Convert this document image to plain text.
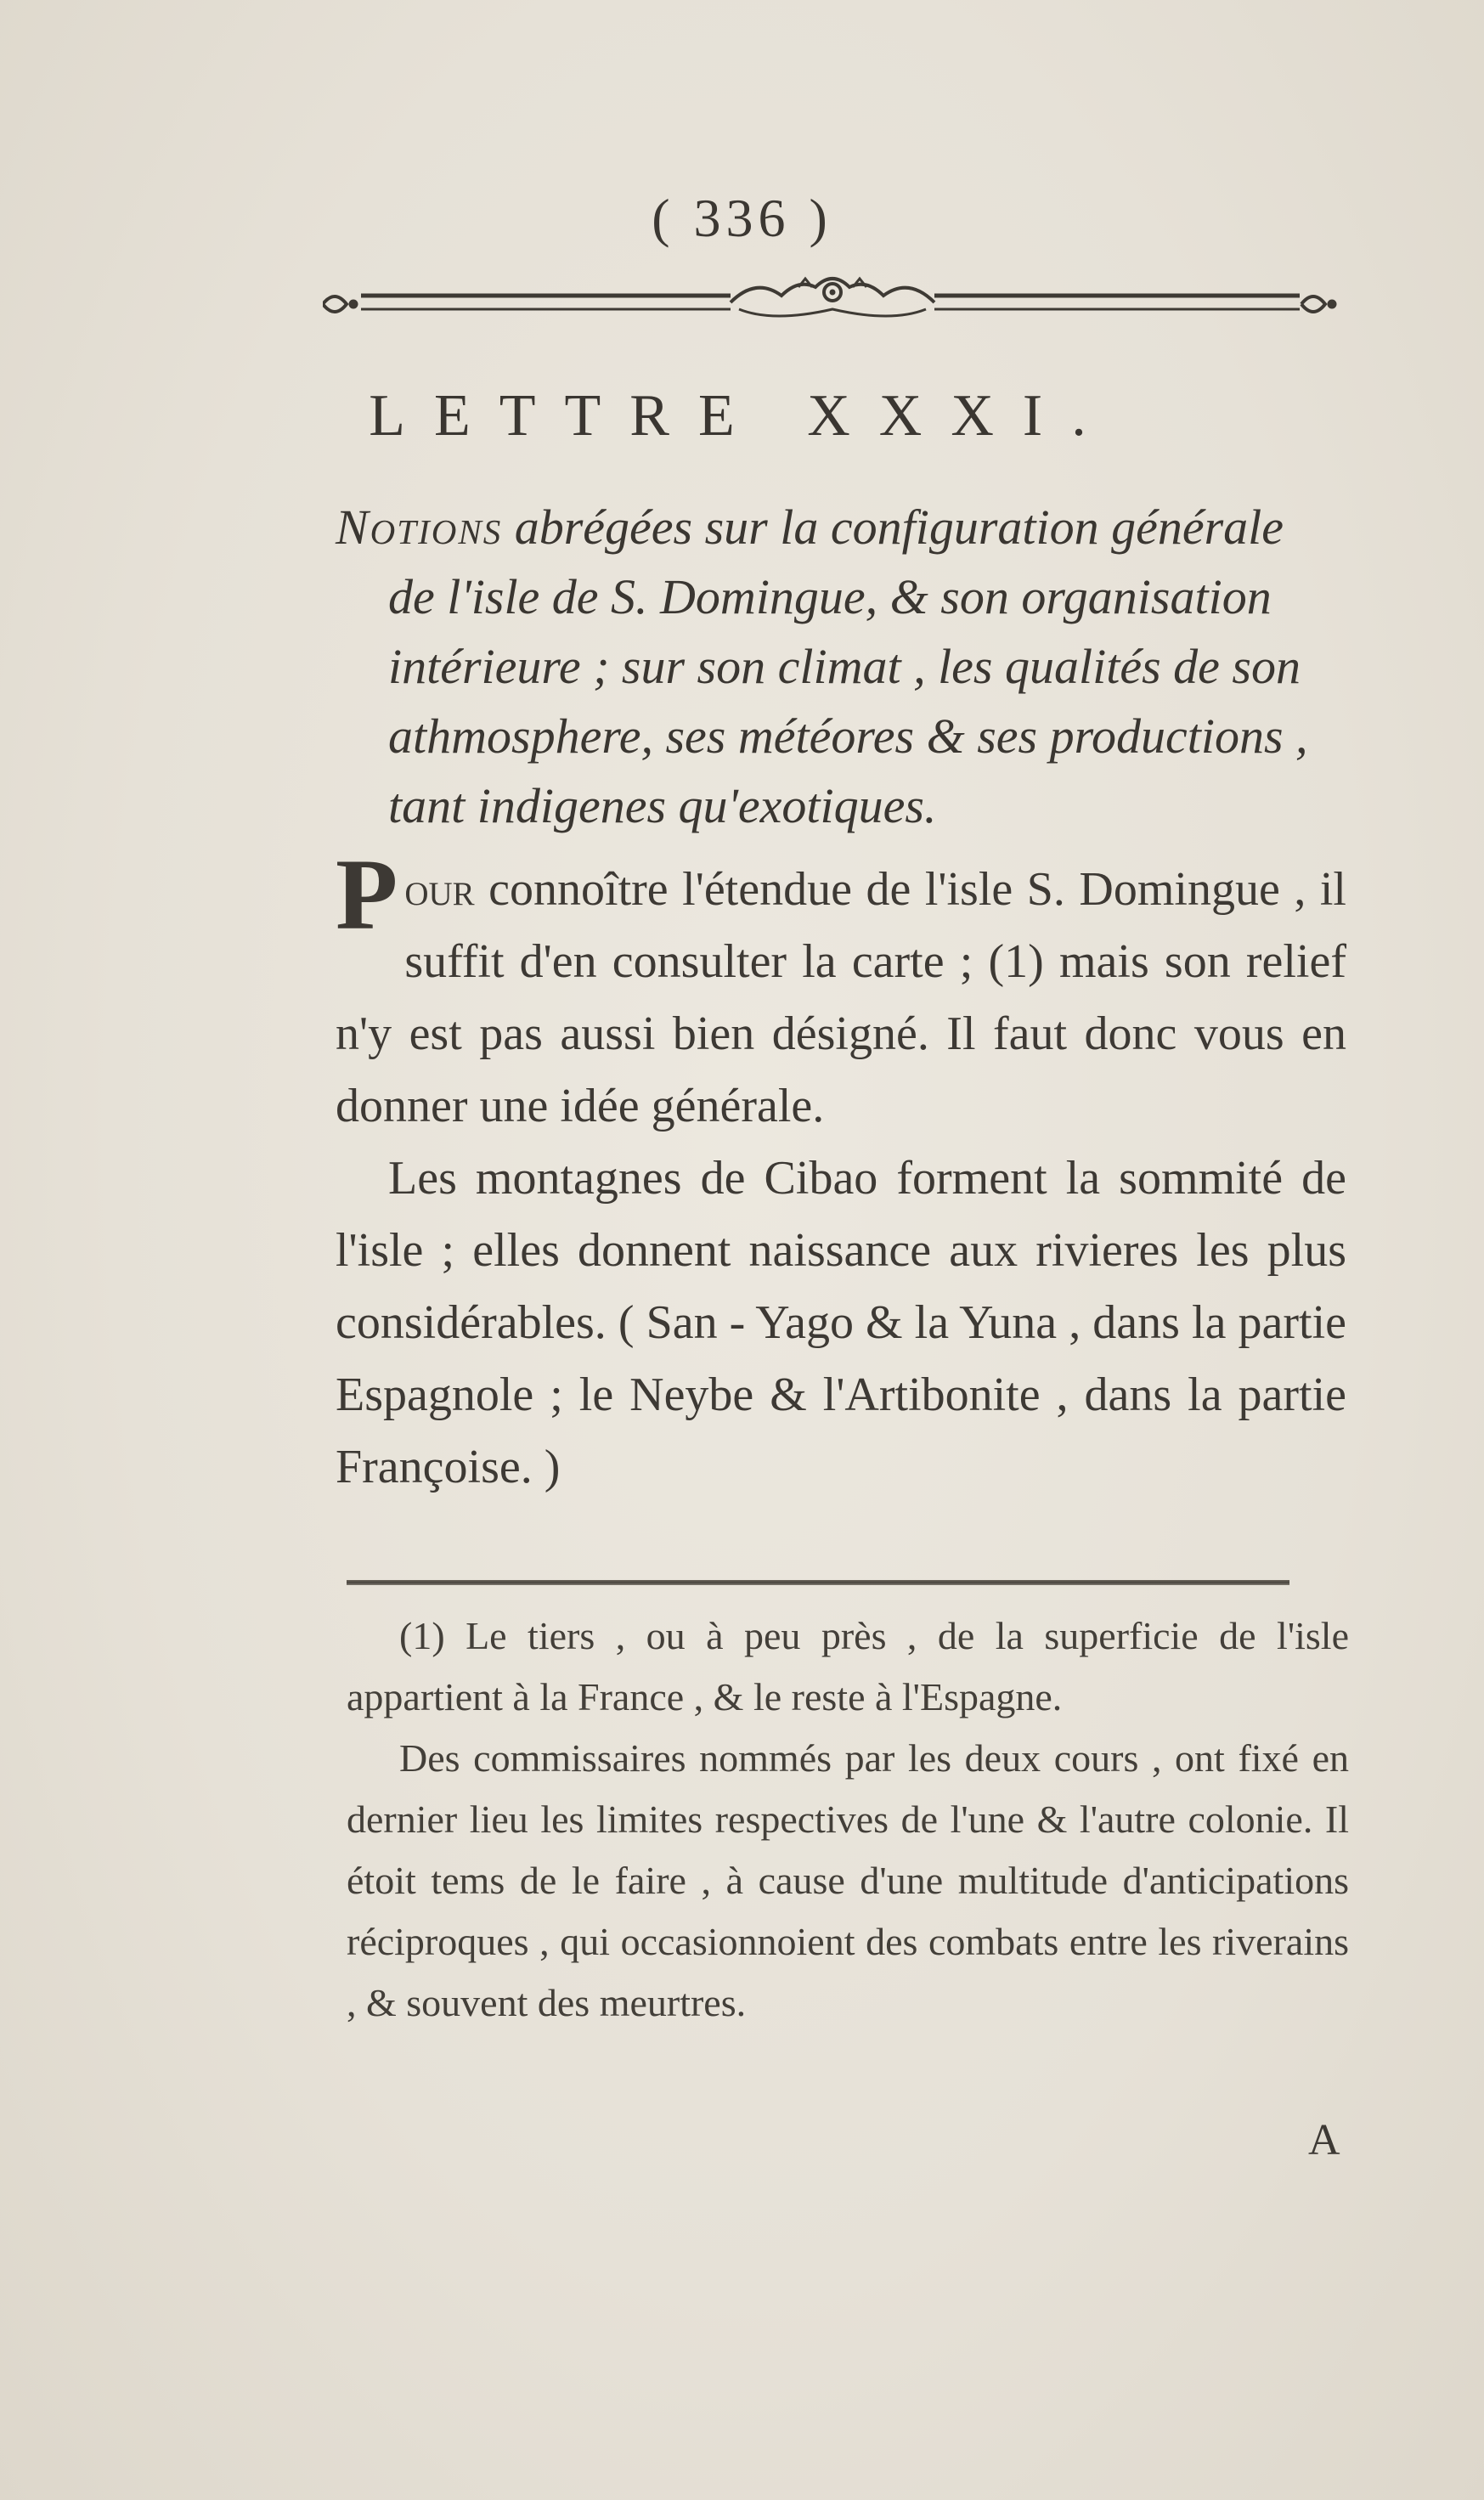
( 336 )
LETTRE XXXI.
Notions abrégées sur la configuration générale
de l'isle de S. Domingue, & son organisation
intérieure ; sur son climat , les qualités de son
athmosphere, ses météores & ses productions ,
tant indigenes qu'exotiques.

Pour connoître l'étendue de l'isle S. Domingue , il suffit d'en consulter la carte ; (1) mais son relief n'y est pas aussi bien désigné. Il faut donc vous en donner une idée générale.

Les montagnes de Cibao forment la sommité de l'isle ; elles donnent naissance aux rivieres les plus considérables. ( San - Yago & la Yuna , dans la partie Espagnole ; le Neybe & l'Artibonite , dans la partie Françoise. )

(1) Le tiers , ou à peu près , de la superficie de l'isle appartient à la France , & le reste à l'Espagne.

Des commissaires nommés par les deux cours , ont fixé en dernier lieu les limites respectives de l'une & l'autre colonie. Il étoit tems de le faire , à cause d'une multitude d'anticipations réciproques , qui occasionnoient des combats entre les riverains , & souvent des meurtres.

A
